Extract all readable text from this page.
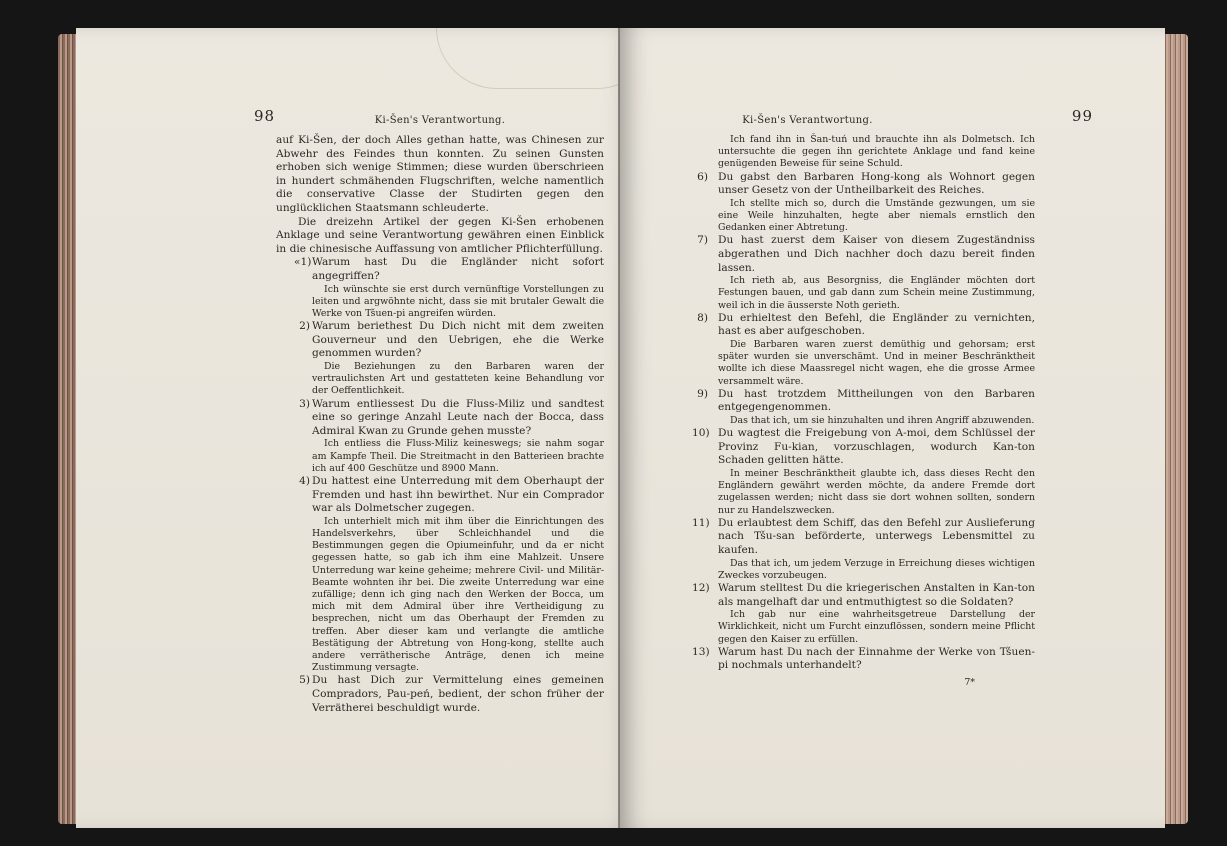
98	Ki-Šen's Verantwortung.

auf Ki-Šen, der doch Alles gethan hatte, was Chinesen zur Abwehr des Feindes thun konnten. Zu seinen Gunsten erhoben sich wenige Stimmen; diese wurden überschrieen in hundert schmähenden Flugschriften, welche namentlich die conservative Classe der Studirten gegen den unglücklichen Staatsmann schleuderte.

Die dreizehn Artikel der gegen Ki-Šen erhobenen Anklage und seine Verantwortung gewähren einen Einblick in die chinesische Auffassung von amtlicher Pflichterfüllung.

«1) Warum hast Du die Engländer nicht sofort angegriffen?

Ich wünschte sie erst durch vernünftige Vorstellungen zu leiten und argwöhnte nicht, dass sie mit brutaler Gewalt die Werke von Tšuen-pi angreifen würden.

2) Warum beriethest Du Dich nicht mit dem zweiten Gouverneur und den Uebrigen, ehe die Werke genommen wurden?

Die Beziehungen zu den Barbaren waren der vertraulichsten Art und gestatteten keine Behandlung vor der Oeffentlichkeit.

3) Warum entliessest Du die Fluss-Miliz und sandtest eine so geringe Anzahl Leute nach der Bocca, dass Admiral Kwan zu Grunde gehen musste?

Ich entliess die Fluss-Miliz keineswegs; sie nahm sogar am Kampfe Theil. Die Streitmacht in den Batterieen brachte ich auf 400 Geschütze und 8900 Mann.

4) Du hattest eine Unterredung mit dem Oberhaupt der Fremden und hast ihn bewirthet. Nur ein Comprador war als Dolmetscher zugegen.

Ich unterhielt mich mit ihm über die Einrichtungen des Handelsverkehrs, über Schleichhandel und die Bestimmungen gegen die Opiumeinfuhr, und da er nicht gegessen hatte, so gab ich ihm eine Mahlzeit. Unsere Unterredung war keine geheime; mehrere Civil- und Militär-Beamte wohnten ihr bei. Die zweite Unterredung war eine zufällige; denn ich ging nach den Werken der Bocca, um mich mit dem Admiral über ihre Vertheidigung zu besprechen, nicht um das Oberhaupt der Fremden zu treffen. Aber dieser kam und verlangte die amtliche Bestätigung der Abtretung von Hong-kong, stellte auch andere verrätherische Anträge, denen ich meine Zustimmung versagte.

5) Du hast Dich zur Vermittelung eines gemeinen Compradors, Pau-peń, bedient, der schon früher der Verrätherei beschuldigt wurde.

Ki-Šen's Verantwortung.	99

Ich fand ihn in Šan-tuń und brauchte ihn als Dolmetsch. Ich untersuchte die gegen ihn gerichtete Anklage und fand keine genügenden Beweise für seine Schuld.

6) Du gabst den Barbaren Hong-kong als Wohnort gegen unser Gesetz von der Untheilbarkeit des Reiches.

Ich stellte mich so, durch die Umstände gezwungen, um sie eine Weile hinzuhalten, hegte aber niemals ernstlich den Gedanken einer Abtretung.

7) Du hast zuerst dem Kaiser von diesem Zugeständniss abgerathen und Dich nachher doch dazu bereit finden lassen.

Ich rieth ab, aus Besorgniss, die Engländer möchten dort Festungen bauen, und gab dann zum Schein meine Zustimmung, weil ich in die äusserste Noth gerieth.

8) Du erhieltest den Befehl, die Engländer zu vernichten, hast es aber aufgeschoben.

Die Barbaren waren zuerst demüthig und gehorsam; erst später wurden sie unverschämt. Und in meiner Beschränktheit wollte ich diese Maassregel nicht wagen, ehe die grosse Armee versammelt wäre.

9) Du hast trotzdem Mittheilungen von den Barbaren entgegengenommen.

Das that ich, um sie hinzuhalten und ihren Angriff abzuwenden.

10) Du wagtest die Freigebung von A-moi, dem Schlüssel der Provinz Fu-kian, vorzuschlagen, wodurch Kan-ton Schaden gelitten hätte.

In meiner Beschränktheit glaubte ich, dass dieses Recht den Engländern gewährt werden möchte, da andere Fremde dort zugelassen werden; nicht dass sie dort wohnen sollten, sondern nur zu Handelszwecken.

11) Du erlaubtest dem Schiff, das den Befehl zur Auslieferung nach Tšu-san beförderte, unterwegs Lebensmittel zu kaufen.

Das that ich, um jedem Verzuge in Erreichung dieses wichtigen Zweckes vorzubeugen.

12) Warum stelltest Du die kriegerischen Anstalten in Kan-ton als mangelhaft dar und entmuthigtest so die Soldaten?

Ich gab nur eine wahrheitsgetreue Darstellung der Wirklichkeit, nicht um Furcht einzuflössen, sondern meine Pflicht gegen den Kaiser zu erfüllen.

13) Warum hast Du nach der Einnahme der Werke von Tšuen-pi nochmals unterhandelt?

7*
